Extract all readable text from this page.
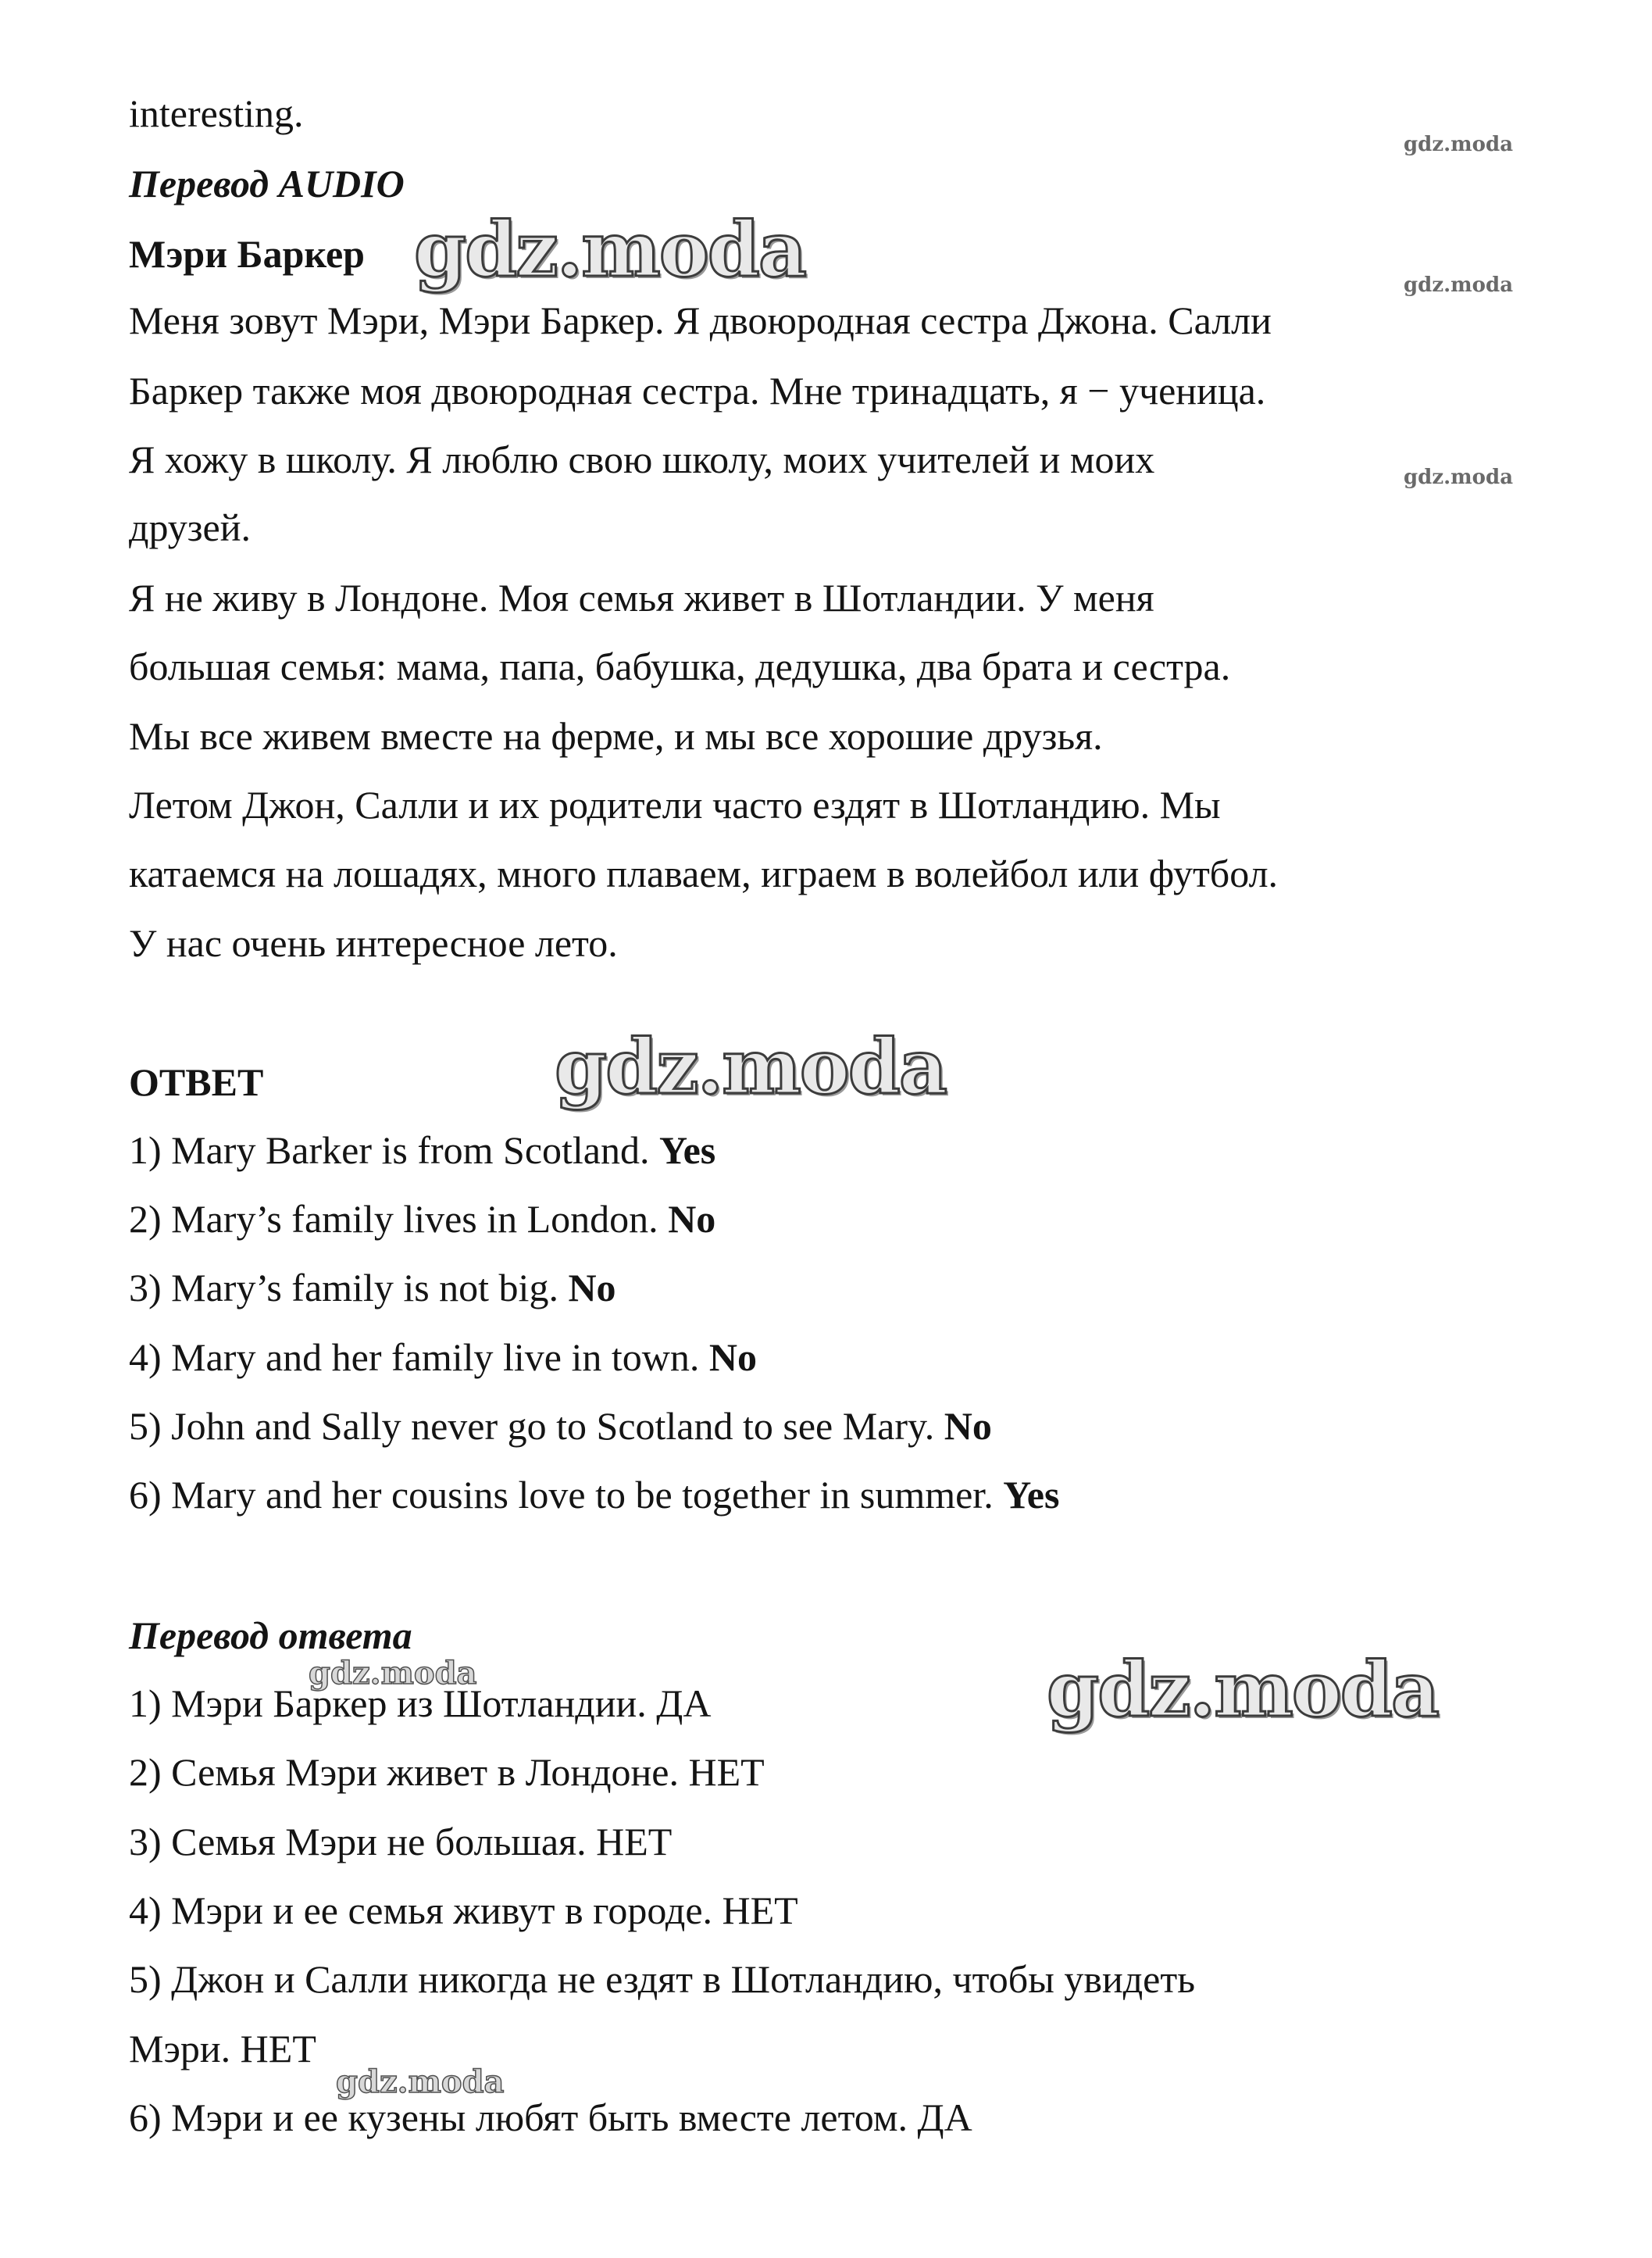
interesting.
Перевод AUDIO
Мэри Баркер
Меня зовут Мэри, Мэри Баркер. Я двоюродная сестра Джона. Салли
Баркер также моя двоюродная сестра. Мне тринадцать, я − ученица.
Я хожу в школу. Я люблю свою школу, моих учителей и моих
друзей.
Я не живу в Лондоне. Моя семья живет в Шотландии. У меня
большая семья: мама, папа, бабушка, дедушка, два брата и сестра.
Мы все живем вместе на ферме, и мы все хорошие друзья.
Летом Джон, Салли и их родители часто ездят в Шотландию. Мы
катаемся на лошадях, много плаваем, играем в волейбол или футбол.
У нас очень интересное лето.
ОТВЕТ
1) Mary Barker is from Scotland. Yes
2) Mary’s family lives in London. No
3) Mary’s family is not big. No
4) Mary and her family live in town. No
5) John and Sally never go to Scotland to see Mary. No
6) Mary and her cousins love to be together in summer. Yes
Перевод ответа
1) Мэри Баркер из Шотландии. ДА
2) Семья Мэри живет в Лондоне. НЕТ
3) Семья Мэри не большая. НЕТ
4) Мэри и ее семья живут в городе. НЕТ
5) Джон и Салли никогда не ездят в Шотландию, чтобы увидеть
Мэри. НЕТ
6) Мэри и ее кузены любят быть вместе летом. ДА
gdz.moda
gdz.moda
gdz.moda
gdz.moda
gdz.moda
gdz.moda
gdz.moda
gdz.moda
